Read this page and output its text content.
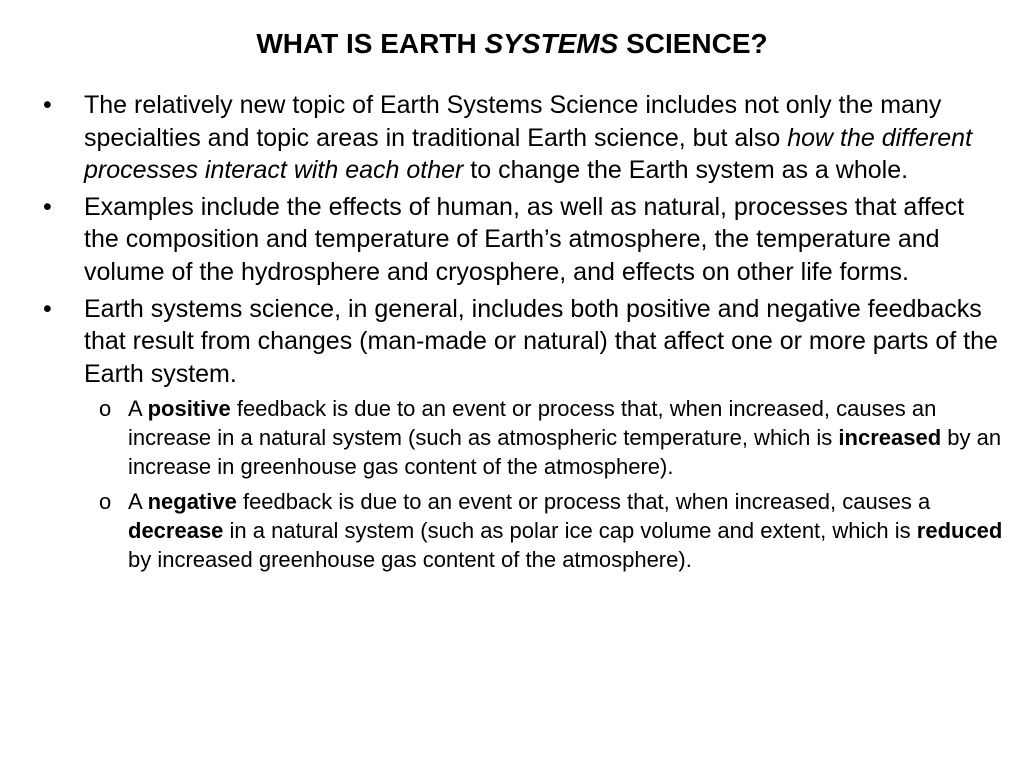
WHAT IS EARTH SYSTEMS SCIENCE?
• The relatively new topic of Earth Systems Science includes not only the many specialties and topic areas in traditional Earth science, but also how the different processes interact with each other to change the Earth system as a whole.
• Examples include the effects of human, as well as natural, processes that affect the composition and temperature of Earth’s atmosphere, the temperature and volume of the hydrosphere and cryosphere, and effects on other life forms.
• Earth systems science, in general, includes both positive and negative feedbacks that result from changes (man-made or natural) that affect one or more parts of the Earth system.
o A positive feedback is due to an event or process that, when increased, causes an increase in a natural system (such as atmospheric temperature, which is increased by an increase in greenhouse gas content of the atmosphere).
o A negative feedback is due to an event or process that, when increased, causes a decrease in a natural system (such as polar ice cap volume and extent, which is reduced by increased greenhouse gas content of the atmosphere).
